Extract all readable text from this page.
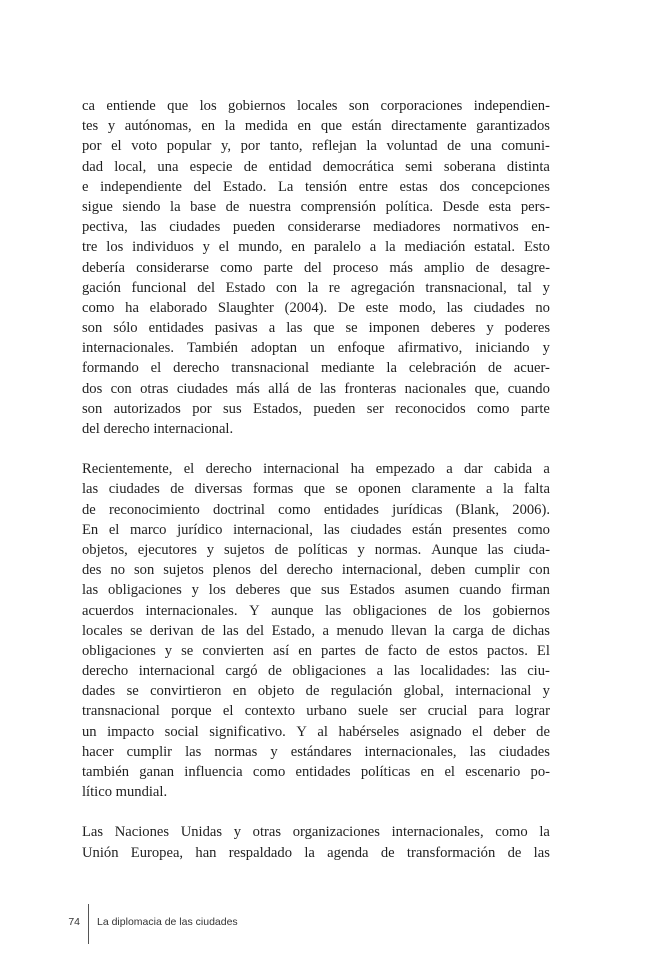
ca entiende que los gobiernos locales son corporaciones independien-
tes y autónomas, en la medida en que están directamente garantizados
por el voto popular y, por tanto, reflejan la voluntad de una comuni-
dad local, una especie de entidad democrática semi soberana distinta
e independiente del Estado. La tensión entre estas dos concepciones
sigue siendo la base de nuestra comprensión política. Desde esta pers-
pectiva, las ciudades pueden considerarse mediadores normativos en-
tre los individuos y el mundo, en paralelo a la mediación estatal. Esto
debería considerarse como parte del proceso más amplio de desagre-
gación funcional del Estado con la re agregación transnacional, tal y
como ha elaborado Slaughter (2004). De este modo, las ciudades no
son sólo entidades pasivas a las que se imponen deberes y poderes
internacionales. También adoptan un enfoque afirmativo, iniciando y
formando el derecho transnacional mediante la celebración de acuer-
dos con otras ciudades más allá de las fronteras nacionales que, cuando
son autorizados por sus Estados, pueden ser reconocidos como parte
del derecho internacional.
Recientemente, el derecho internacional ha empezado a dar cabida a
las ciudades de diversas formas que se oponen claramente a la falta
de reconocimiento doctrinal como entidades jurídicas (Blank, 2006).
En el marco jurídico internacional, las ciudades están presentes como
objetos, ejecutores y sujetos de políticas y normas. Aunque las ciuda-
des no son sujetos plenos del derecho internacional, deben cumplir con
las obligaciones y los deberes que sus Estados asumen cuando firman
acuerdos internacionales. Y aunque las obligaciones de los gobiernos
locales se derivan de las del Estado, a menudo llevan la carga de dichas
obligaciones y se convierten así en partes de facto de estos pactos. El
derecho internacional cargó de obligaciones a las localidades: las ciu-
dades se convirtieron en objeto de regulación global, internacional y
transnacional porque el contexto urbano suele ser crucial para lograr
un impacto social significativo. Y al habérseles asignado el deber de
hacer cumplir las normas y estándares internacionales, las ciudades
también ganan influencia como entidades políticas en el escenario po-
lítico mundial.
Las Naciones Unidas y otras organizaciones internacionales, como la
Unión Europea, han respaldado la agenda de transformación de las
74 La diplomacia de las ciudades
